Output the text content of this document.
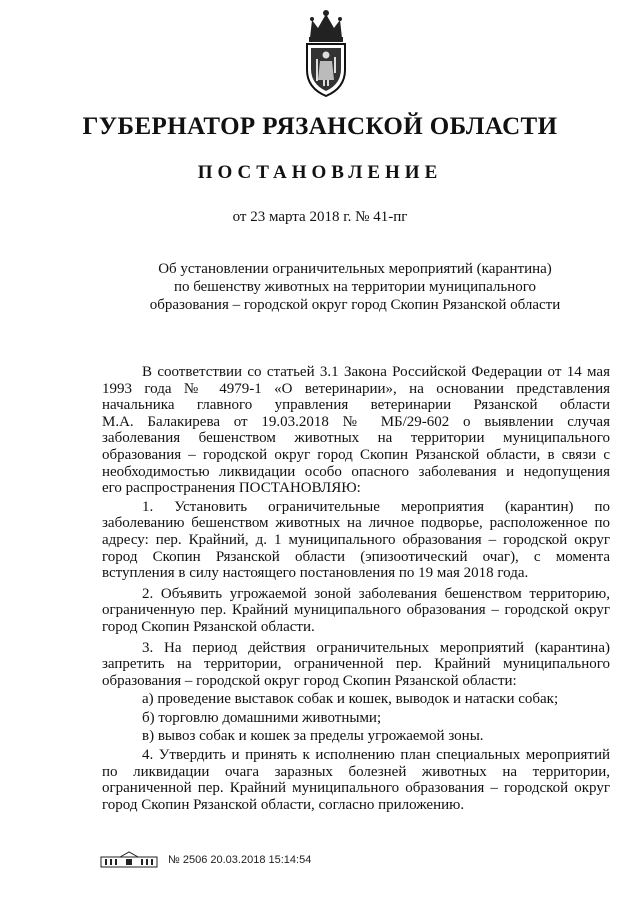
ГУБЕРНАТОР РЯЗАНСКОЙ ОБЛАСТИ
ПОСТАНОВЛЕНИЕ
от 23 марта 2018 г. № 41-пг
Об установлении ограничительных мероприятий (карантина)
по бешенству животных на территории муниципального
образования – городской округ город Скопин Рязанской области
В соответствии со статьей 3.1 Закона Российской Федерации от 14 мая
1993 года № 4979-1 «О ветеринарии», на основании представления
начальника главного управления ветеринарии Рязанской области
М.А. Балакирева от 19.03.2018 № МБ/29-602 о выявлении случая
заболевания бешенством животных на территории муниципального
образования – городской округ город Скопин Рязанской области, в связи с
необходимостью ликвидации особо опасного заболевания и недопущения
его распространения ПОСТАНОВЛЯЮ:
1. Установить ограничительные мероприятия (карантин) по
заболеванию бешенством животных на личное подворье, расположенное по
адресу: пер. Крайний, д. 1 муниципального образования – городской округ
город Скопин Рязанской области (эпизоотический очаг), с момента
вступления в силу настоящего постановления по 19 мая 2018 года.
2. Объявить угрожаемой зоной заболевания бешенством территорию,
ограниченную пер. Крайний муниципального образования – городской округ
город Скопин Рязанской области.
3. На период действия ограничительных мероприятий (карантина)
запретить на территории, ограниченной пер. Крайний муниципального
образования – городской округ город Скопин Рязанской области:
а) проведение выставок собак и кошек, выводок и натаски собак;
б) торговлю домашними животными;
в) вывоз собак и кошек за пределы угрожаемой зоны.
4. Утвердить и принять к исполнению план специальных мероприятий
по ликвидации очага заразных болезней животных на территории,
ограниченной пер. Крайний муниципального образования – городской округ
город Скопин Рязанской области, согласно приложению.
№ 2506 20.03.2018 15:14:54
